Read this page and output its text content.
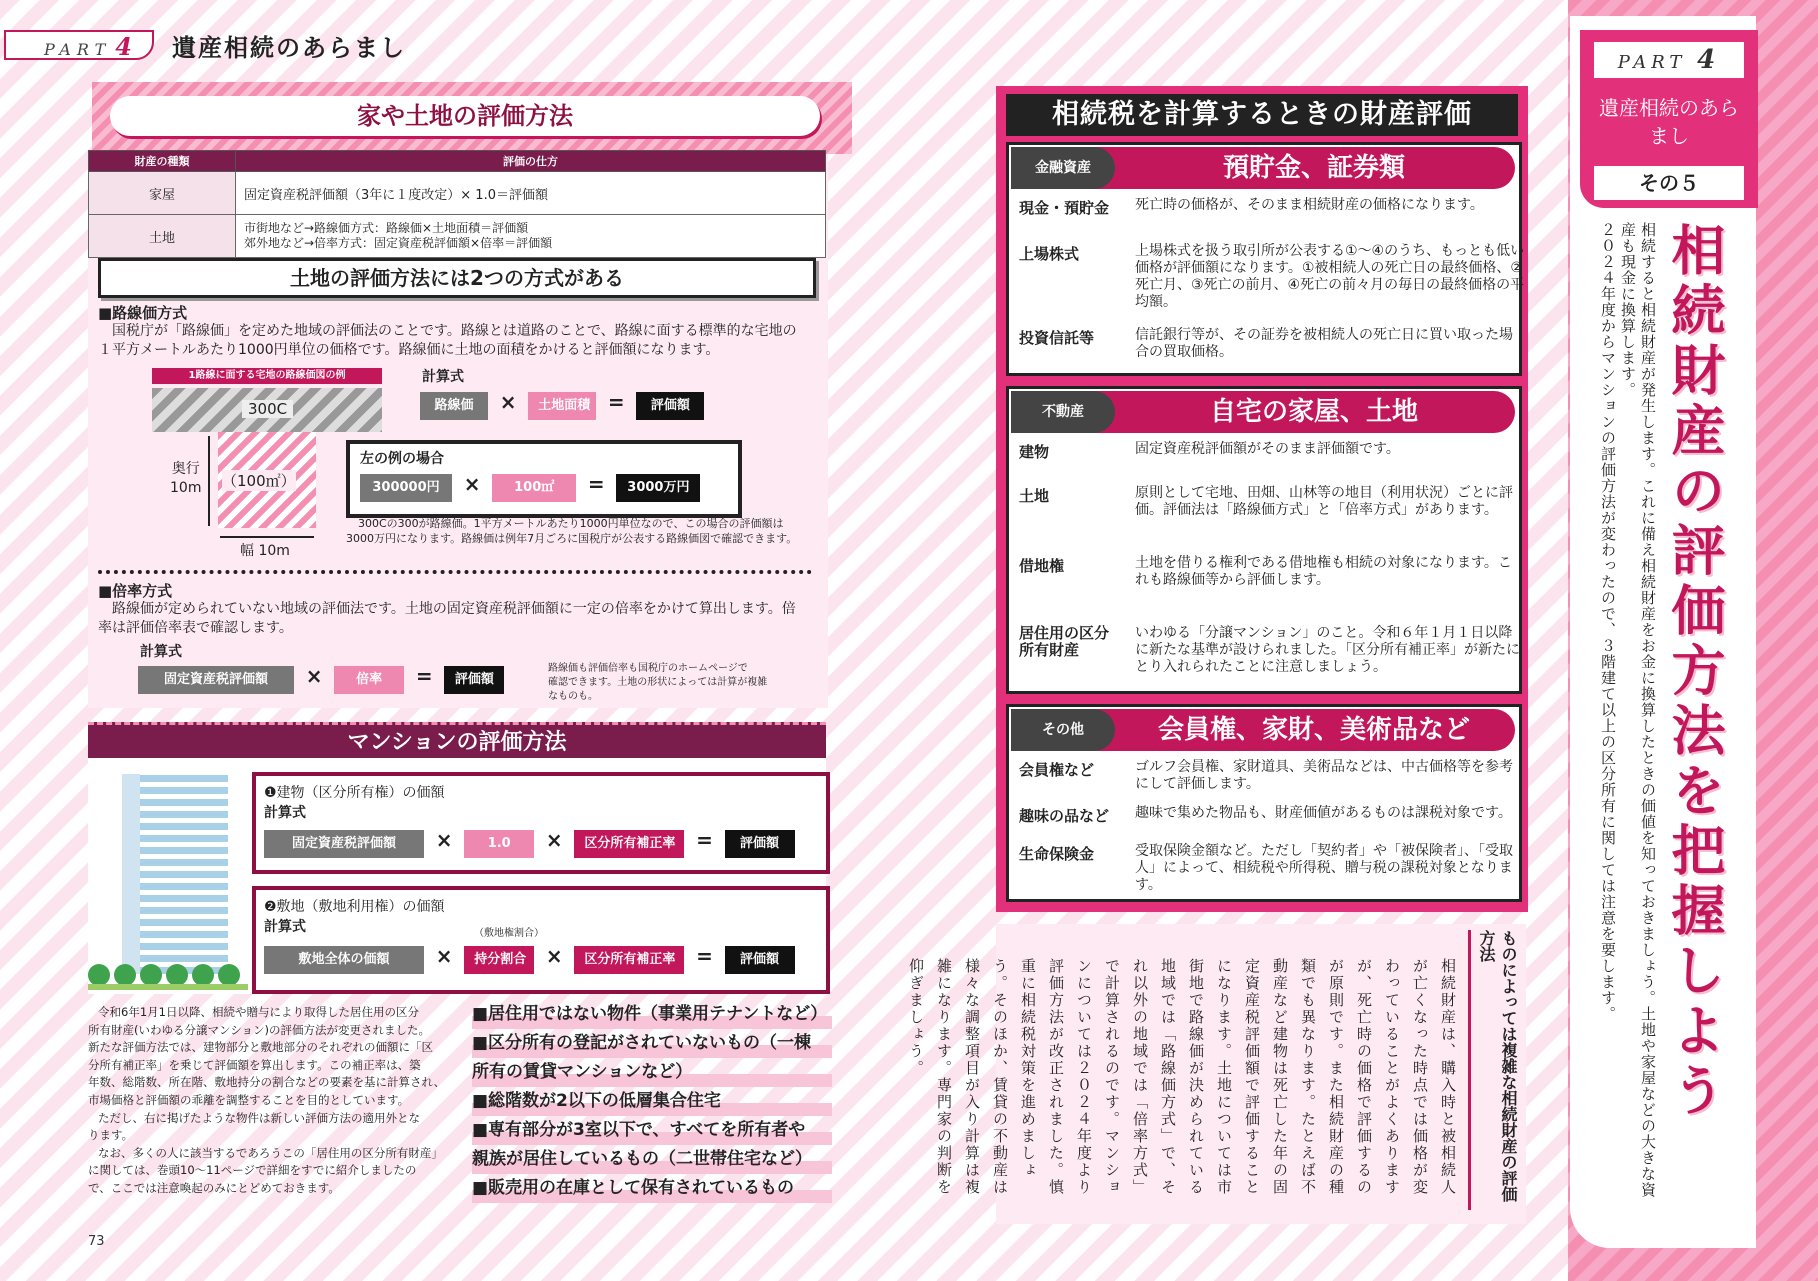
PART 4	遺産相続のあらまし
家や土地の評価方法
財産の種類	評価の仕方
家屋	固定資産税評価額（3年に１度改定）× 1.0＝評価額
土地	市街地など→路線価方式：路線価×土地面積＝評価額
郊外地など→倍率方式：固定資産税評価額×倍率＝評価額
土地の評価方法には2つの方式がある
■路線価方式
国税庁が「路線価」を定めた地域の評価法のことです。路線とは道路のことで、路線に面する標準的な宅地の
１平方メートルあたり1000円単位の価格です。路線価に土地の面積をかけると評価額になります。
1路線に面する宅地の路線価図の例
300C
（100㎡）
奥行
10m
幅 10m
計算式
路線価 × 土地面積 = 評価額
左の例の場合
300000円 ×	100㎡ = 3000万円
300Cの300が路線価。1平方メートルあたり1000円単位なので、この場合の評価額は
3000万円になります。路線価は例年7月ごろに国税庁が公表する路線価図で確認できます。
■倍率方式
路線価が定められていない地域の評価法です。土地の固定資産税評価額に一定の倍率をかけて算出します。倍
率は評価倍率表で確認します。
計算式
固定資産税評価額 ×	倍率 = 評価額
路線価も評価倍率も国税庁のホームページで
確認できます。土地の形状によっては計算が複雑
なものも。
マンションの評価方法
❶建物（区分所有権）の価額
計算式
固定資産税評価額 ×	1.0 × 区分所有補正率 = 評価額
❷敷地（敷地利用権）の価額
計算式	（敷地権割合）
敷地全体の価額 × 持分割合 × 区分所有補正率 = 評価額
令和6年1月1日以降、相続や贈与により取得した居住用の区分
所有財産(いわゆる分譲マンション)の評価方法が変更されました。
新たな評価方法では、建物部分と敷地部分のそれぞれの価額に「区
分所有補正率」を乗じて評価額を算出します。この補正率は、築
年数、総階数、所在階、敷地持分の割合などの要素を基に計算され、
市場価格と評価額の乖離を調整することを目的としています。
ただし、右に掲げたような物件は新しい評価方法の適用外とな
ります。
なお、多くの人に該当するであろうこの「居住用の区分所有財産」
に関しては、巻頭10～11ページで詳細をすでに紹介しましたの
で、ここでは注意喚起のみにとどめておきます。
■居住用ではない物件（事業用テナントなど）
■区分所有の登記がされていないもの（一棟
所有の賃貸マンションなど）
■総階数が2以下の低層集合住宅
■専有部分が3室以下で、すべてを所有者や
親族が居住しているもの（二世帯住宅など）
■販売用の在庫として保有されているもの
73
相続税を計算するときの財産評価
金融資産	預貯金、証券類
現金・預貯金 死亡時の価格が、そのまま相続財産の価格になります。
上場株式	上場株式を扱う取引所が公表する①～④のうち、もっとも低い価格が評価額になります。①被相続人の死亡日の最終価格、②死亡月、③死亡の前月、④死亡の前々月の毎日の最終価格の平均額。
投資信託等	信託銀行等が、その証券を被相続人の死亡日に買い取った場合の買取価格。
不動産	自宅の家屋、土地
建物	固定資産税評価額がそのまま評価額です。
土地	原則として宅地、田畑、山林等の地目（利用状況）ごとに評価。評価法は「路線価方式」と「倍率方式」があります。
借地権	土地を借りる権利である借地権も相続の対象になります。これも路線価等から評価します。
居住用の区分所有財産
いわゆる「分譲マンション」のこと。令和６年１月１日以降に新たな基準が設けられました。「区分所有補正率」が新たにとり入れられたことに注意しましょう。
その他	会員権、家財、美術品など
会員権など	ゴルフ会員権、家財道具、美術品などは、中古価格等を参考にして評価します。
趣味の品など 趣味で集めた物品も、財産価値があるものは課税対象です。
生命保険金	受取保険金額など。ただし「契約者」や「被保険者」、「受取人」によって、相続税や所得税、贈与税の課税対象となります。
ものによっては複雑な相続財産の評価方法
相続財産は、購入時と被相続人が亡くなった時点では価格が変わっていることがよくありますが、死亡時の価格で評価するのが原則です。また相続財産の種類でも異なります。たとえば不動産など建物は死亡した年の固定資産税評価額で評価することになります。土地については市街地で路線価が決められている地域では「路線価方式」で、それ以外の地域では「倍率方式」で計算されるのです。マンションについては２０２４年度より評価方法が改正されました。慎重に相続税対策を進めましょう。そのほか、賃貸の不動産は様々な調整項目が入り計算は複雑になります。専門家の判断を仰ぎましょう。
PART 4
遺産相続のあらまし
その５
相続財産の評価方法を把握しよう
相続すると相続財産が発生します。これに備え相続財産をお金に換算したときの価値を知っておきましょう。土地や家屋などの大きな資産も現金に換算します。
２０２４年度からマンションの評価方法が変わったので、３階建て以上の区分所有に関しては注意を要します。
